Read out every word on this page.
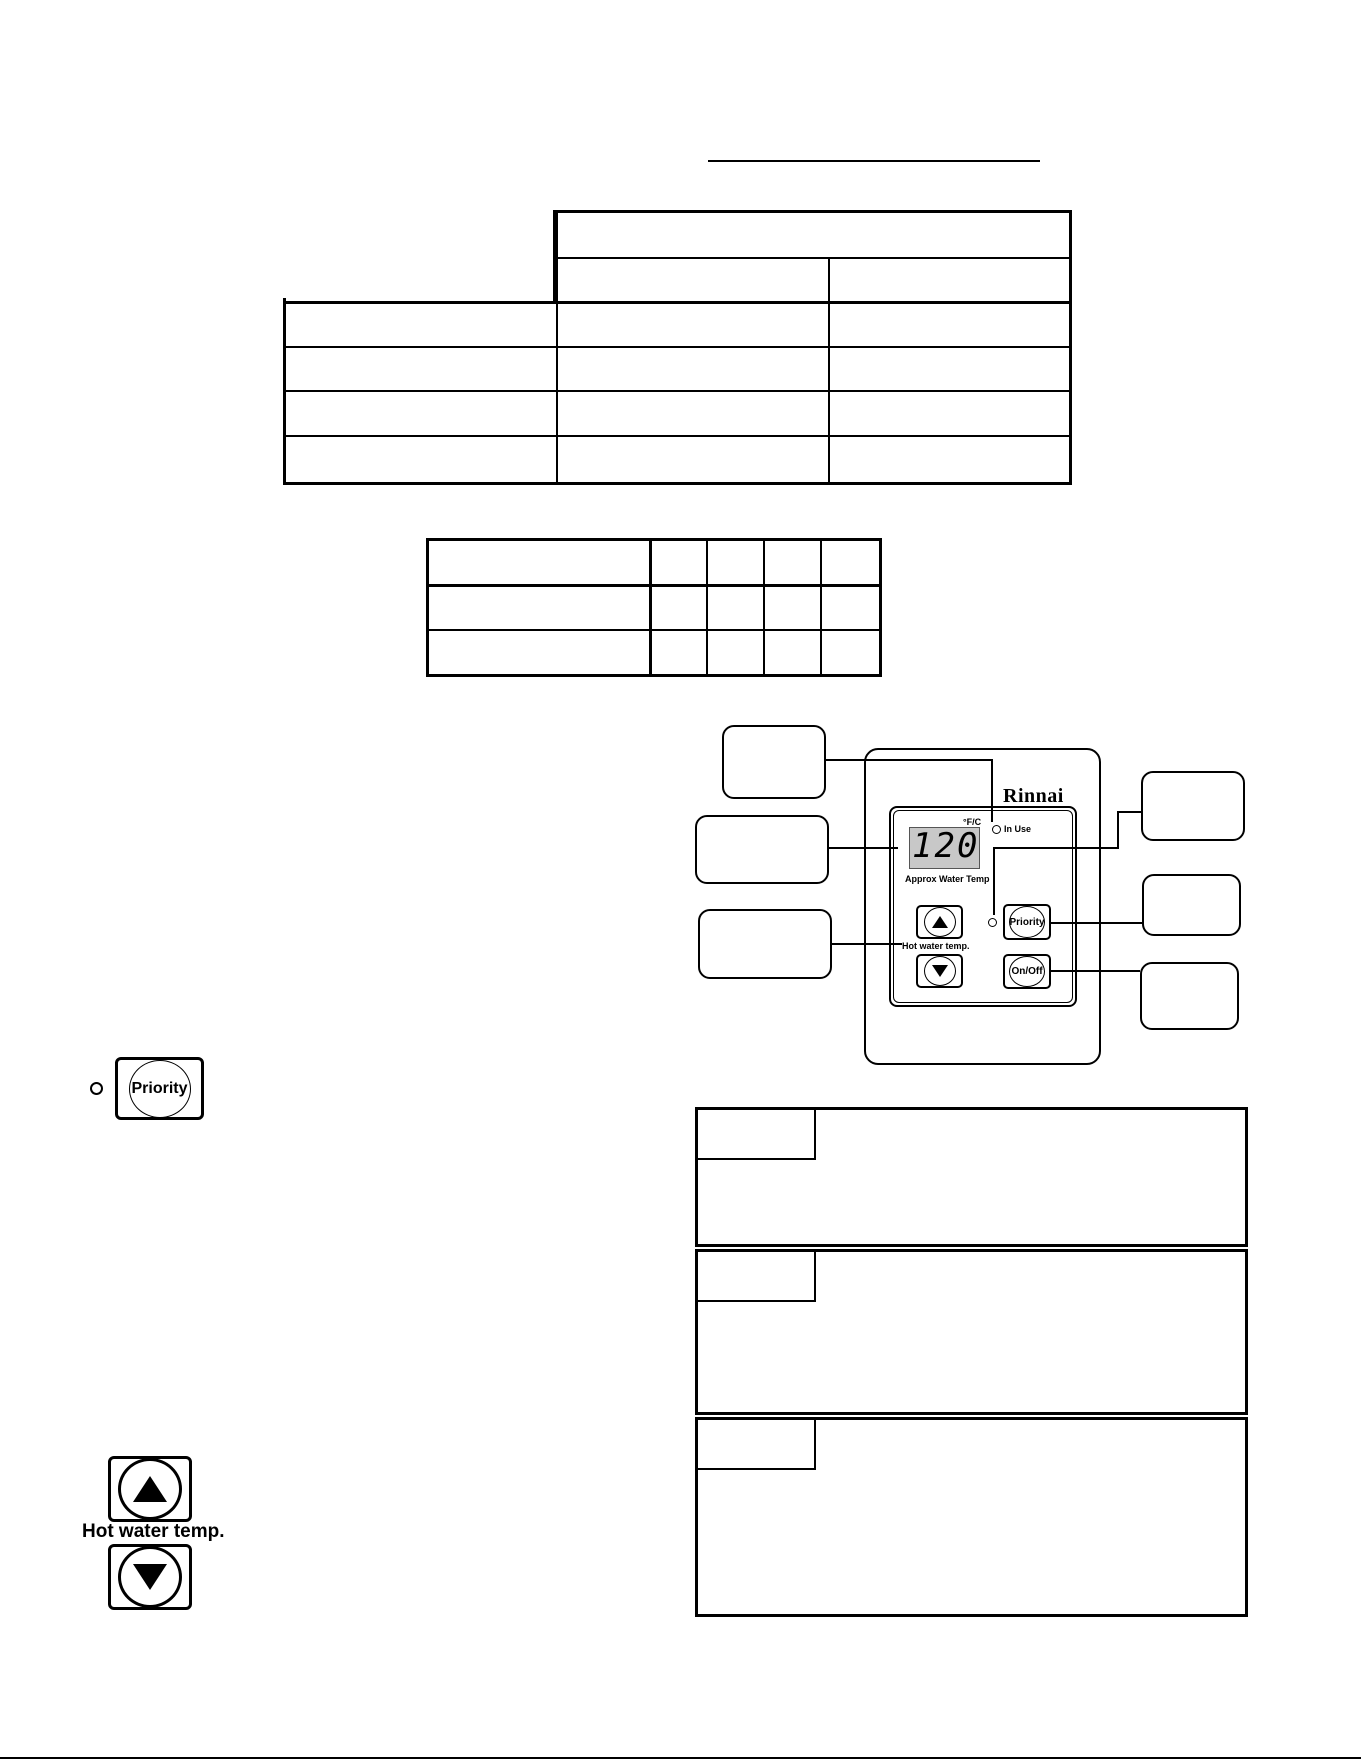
Rinnai
°F/C
In Use
120
Approx Water Temp
Hot water temp.
Priority
On/Off
Priority
Hot water temp.
